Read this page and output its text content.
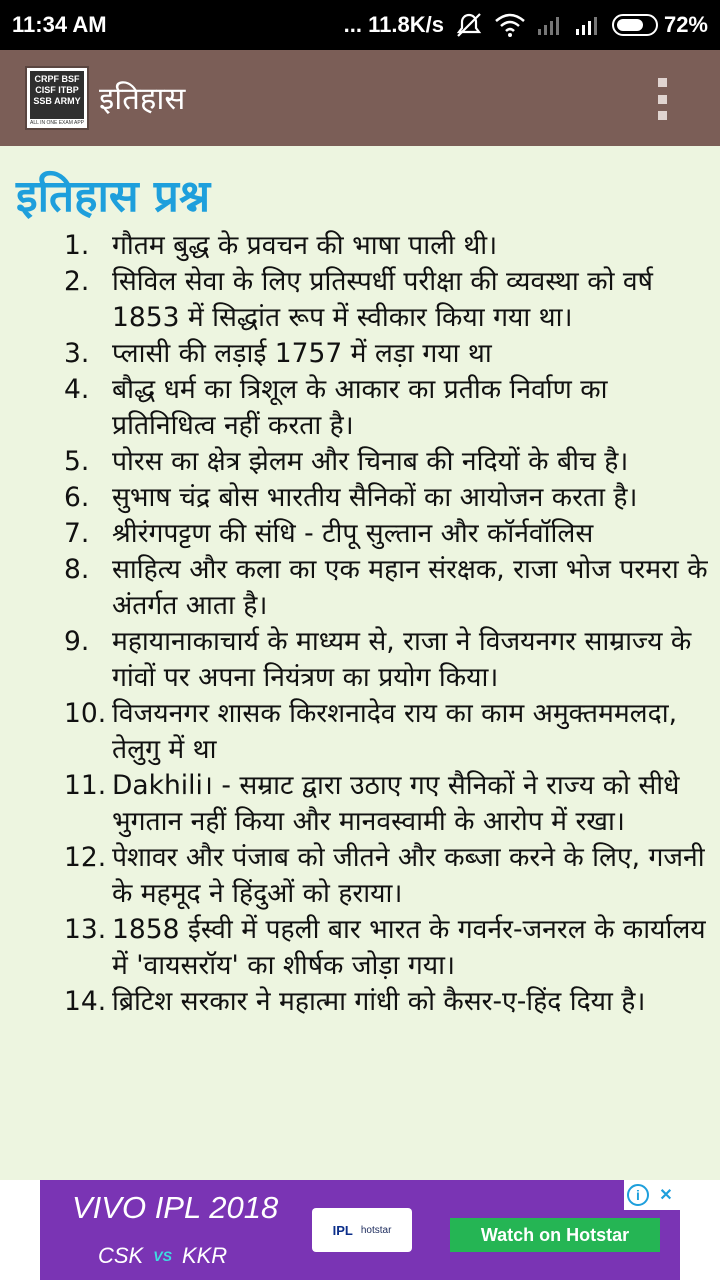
11:34 AM	... 11.8K/s	72%
CRPF BSF
CISF ITBP
SSB ARMY
ALL IN ONE EXAM APP
इतिहास
इतिहास प्रश्न
1. गौतम बुद्ध के प्रवचन की भाषा पाली थी।
2. सिविल सेवा के लिए प्रतिस्पर्धी परीक्षा की व्यवस्था को वर्ष 1853 में सिद्धांत रूप में स्वीकार किया गया था।
3. प्लासी की लड़ाई 1757 में लड़ा गया था
4. बौद्ध धर्म का त्रिशूल के आकार का प्रतीक निर्वाण का प्रतिनिधित्व नहीं करता है।
5. पोरस का क्षेत्र झेलम और चिनाब की नदियों के बीच है।
6. सुभाष चंद्र बोस भारतीय सैनिकों का आयोजन करता है।
7. श्रीरंगपट्टण की संधि - टीपू सुल्तान और कॉर्नवॉलिस
8. साहित्य और कला का एक महान संरक्षक, राजा भोज परमरा के अंतर्गत आता है।
9. महायानाकाचार्य के माध्यम से, राजा ने विजयनगर साम्राज्य के गांवों पर अपना नियंत्रण का प्रयोग किया।
10. विजयनगर शासक किरशनादेव राय का काम अमुक्तममलदा, तेलुगु में था
11. Dakhili। - सम्राट द्वारा उठाए गए सैनिकों ने राज्य को सीधे भुगतान नहीं किया और मानवस्वामी के आरोप में रखा।
12. पेशावर और पंजाब को जीतने और कब्जा करने के लिए, गजनी के महमूद ने हिंदुओं को हराया।
13. 1858 ईस्वी में पहली बार भारत के गवर्नर-जनरल के कार्यालय में 'वायसरॉय' का शीर्षक जोड़ा गया।
14. ब्रिटिश सरकार ने महात्मा गांधी को कैसर-ए-हिंद दिया है।
VIVO IPL 2018
CSK VS KKR
IPL hotstar	Watch on Hotstar
i	✕
